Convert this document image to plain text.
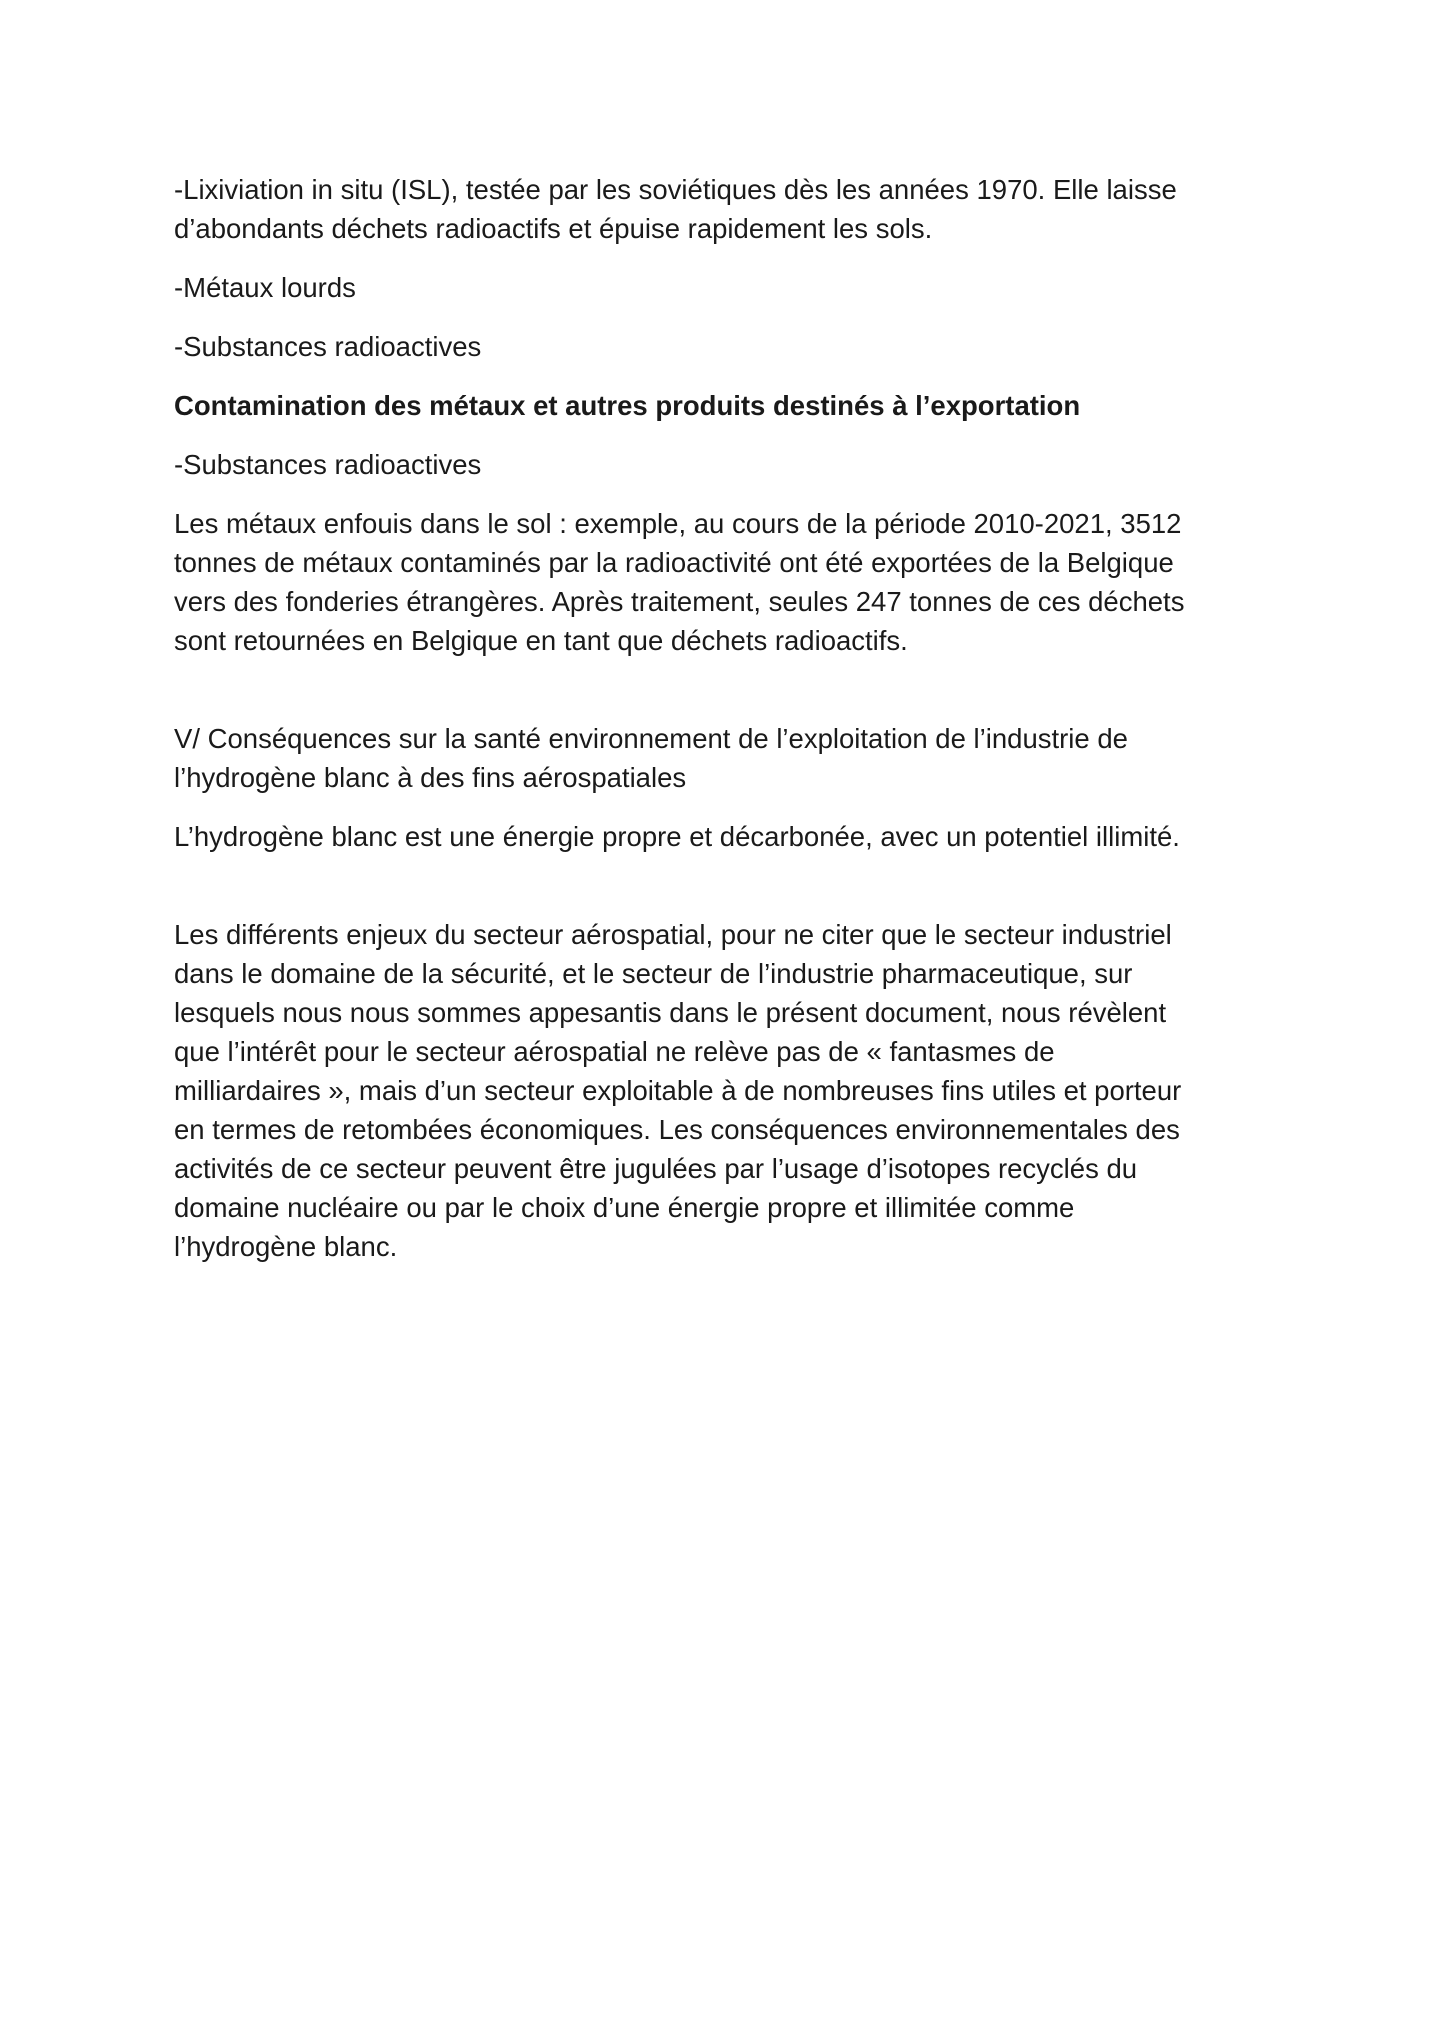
-Lixiviation in situ (ISL), testée par les soviétiques dès les années 1970. Elle laisse
d’abondants déchets radioactifs et épuise rapidement les sols.

-Métaux lourds

-Substances radioactives

Contamination des métaux et autres produits destinés à l’exportation

-Substances radioactives

Les métaux enfouis dans le sol : exemple, au cours de la période 2010-2021, 3512
tonnes de métaux contaminés par la radioactivité ont été exportées de la Belgique
vers des fonderies étrangères. Après traitement, seules 247 tonnes de ces déchets
sont retournées en Belgique en tant que déchets radioactifs.

V/ Conséquences sur la santé environnement de l’exploitation de l’industrie de
l’hydrogène blanc à des fins aérospatiales

L’hydrogène blanc est une énergie propre et décarbonée, avec un potentiel illimité.

Les différents enjeux du secteur aérospatial, pour ne citer que le secteur industriel
dans le domaine de la sécurité, et le secteur de l’industrie pharmaceutique, sur
lesquels nous nous sommes appesantis dans le présent document, nous révèlent
que l’intérêt pour le secteur aérospatial ne relève pas de « fantasmes de
milliardaires », mais d’un secteur exploitable à de nombreuses fins utiles et porteur
en termes de retombées économiques. Les conséquences environnementales des
activités de ce secteur peuvent être jugulées par l’usage d’isotopes recyclés du
domaine nucléaire ou par le choix d’une énergie propre et illimitée comme
l’hydrogène blanc.
